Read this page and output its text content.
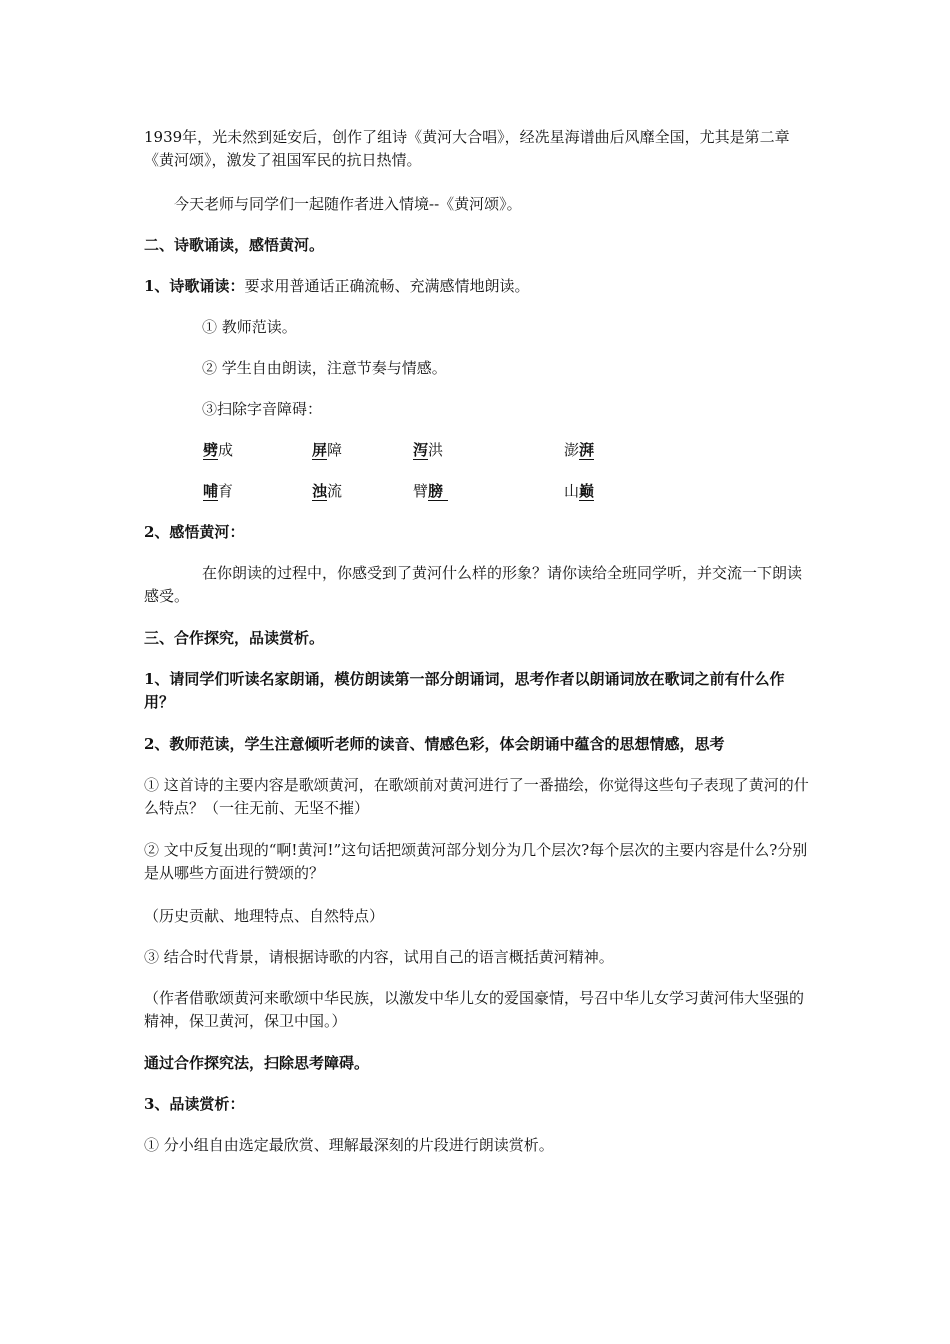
1939年，光未然到延安后，创作了组诗《黄河大合唱》，经冼星海谱曲后风靡全国，尤其是第二章《黄河颂》，激发了祖国军民的抗日热情。

今天老师与同学们一起随作者进入情境--《黄河颂》。

二、诗歌诵读，感悟黄河。

1、诗歌诵读：要求用普通话正确流畅、充满感情地朗读。

① 教师范读。

② 学生自由朗读，注意节奏与情感。

③扫除字音障碍：

劈成	屏障	泻洪	澎湃
哺育	浊流	臂膀	山巅

2、感悟黄河：

在你朗读的过程中，你感受到了黄河什么样的形象？请你读给全班同学听，并交流一下朗读感受。

三、合作探究，品读赏析。

1、请同学们听读名家朗诵，模仿朗读第一部分朗诵词，思考作者以朗诵词放在歌词之前有什么作用？

2、教师范读，学生注意倾听老师的读音、情感色彩，体会朗诵中蕴含的思想情感，思考

① 这首诗的主要内容是歌颂黄河，在歌颂前对黄河进行了一番描绘，你觉得这些句子表现了黄河的什么特点？（一往无前、无坚不摧）

② 文中反复出现的“啊!黄河!”这句话把颂黄河部分划分为几个层次?每个层次的主要内容是什么?分别是从哪些方面进行赞颂的？

（历史贡献、地理特点、自然特点）

③ 结合时代背景，请根据诗歌的内容，试用自己的语言概括黄河精神。

（作者借歌颂黄河来歌颂中华民族，以激发中华儿女的爱国豪情，号召中华儿女学习黄河伟大坚强的精神，保卫黄河，保卫中国。）

通过合作探究法，扫除思考障碍。

3、品读赏析：

① 分小组自由选定最欣赏、理解最深刻的片段进行朗读赏析。
